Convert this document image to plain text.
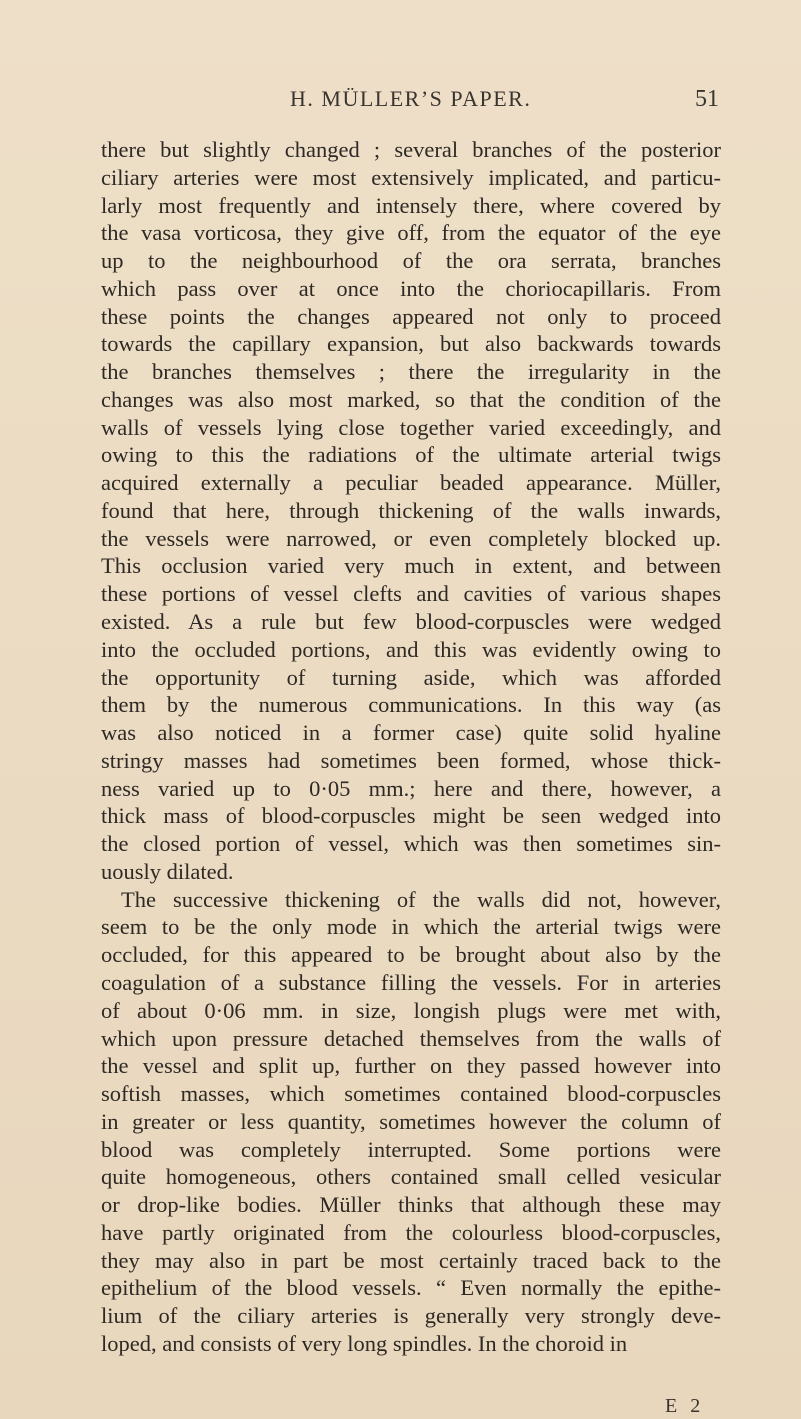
H. MÜLLER’S PAPER.	51
there but slightly changed ; several branches of the posterior
ciliary arteries were most extensively implicated, and particu-
larly most frequently and intensely there, where covered by
the vasa vorticosa, they give off, from the equator of the eye
up to the neighbourhood of the ora serrata, branches
which pass over at once into the choriocapillaris. From
these points the changes appeared not only to proceed
towards the capillary expansion, but also backwards towards
the branches themselves ; there the irregularity in the
changes was also most marked, so that the condition of the
walls of vessels lying close together varied exceedingly, and
owing to this the radiations of the ultimate arterial twigs
acquired externally a peculiar beaded appearance. Müller,
found that here, through thickening of the walls inwards,
the vessels were narrowed, or even completely blocked up.
This occlusion varied very much in extent, and between
these portions of vessel clefts and cavities of various shapes
existed. As a rule but few blood-corpuscles were wedged
into the occluded portions, and this was evidently owing to
the opportunity of turning aside, which was afforded
them by the numerous communications. In this way (as
was also noticed in a former case) quite solid hyaline
stringy masses had sometimes been formed, whose thick-
ness varied up to 0·05 mm.; here and there, however, a
thick mass of blood-corpuscles might be seen wedged into
the closed portion of vessel, which was then sometimes sin-
uously dilated.
The successive thickening of the walls did not, however,
seem to be the only mode in which the arterial twigs were
occluded, for this appeared to be brought about also by the
coagulation of a substance filling the vessels. For in arteries
of about 0·06 mm. in size, longish plugs were met with,
which upon pressure detached themselves from the walls of
the vessel and split up, further on they passed however into
softish masses, which sometimes contained blood-corpuscles
in greater or less quantity, sometimes however the column of
blood was completely interrupted. Some portions were
quite homogeneous, others contained small celled vesicular
or drop-like bodies. Müller thinks that although these may
have partly originated from the colourless blood-corpuscles,
they may also in part be most certainly traced back to the
epithelium of the blood vessels. “ Even normally the epithe-
lium of the ciliary arteries is generally very strongly deve-
loped, and consists of very long spindles. In the choroid in
E 2
